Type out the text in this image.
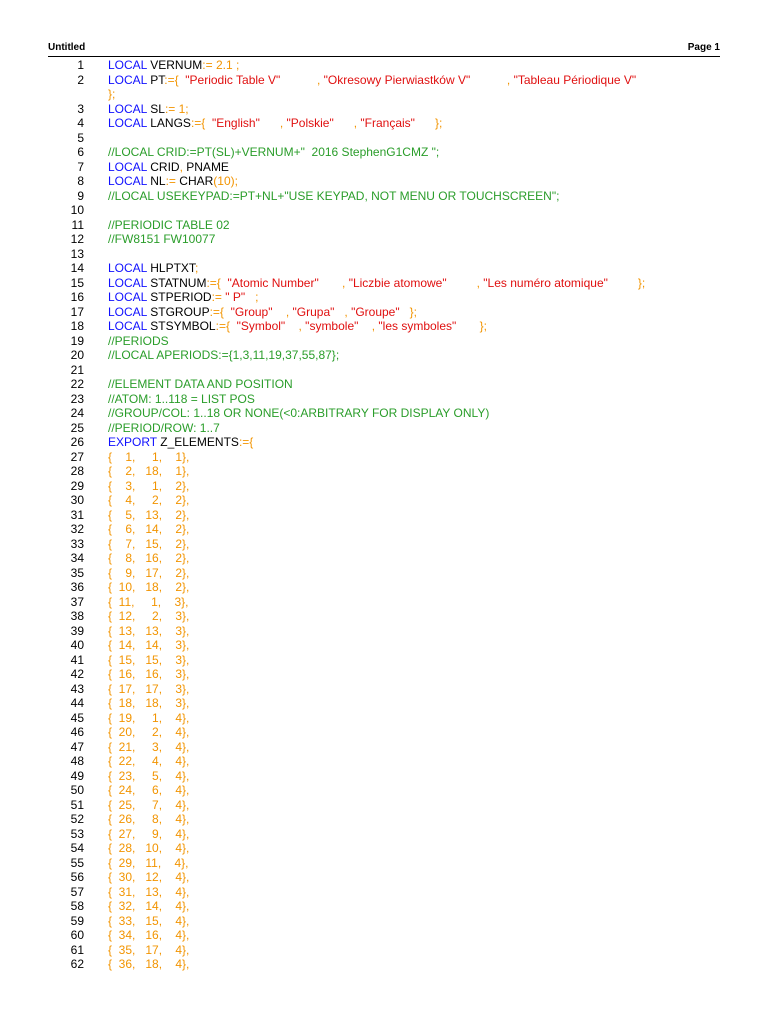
Untitled	Page 1
1 LOCAL VERNUM:= 2.1 ;
2 LOCAL PT:={  "Periodic Table V"           , "Okresowy Pierwiastków V"           , "Tableau Périodique V"
};
3 LOCAL SL:= 1;
4 LOCAL LANGS:={  "English"      , "Polskie"      , "Français"      };
5
6 //LOCAL CRID:=PT(SL)+VERNUM+"  2016 StephenG1CMZ ";
7 LOCAL CRID, PNAME
8 LOCAL NL:= CHAR(10);
9 //LOCAL USEKEYPAD:=PT+NL+"USE KEYPAD, NOT MENU OR TOUCHSCREEN";
10
11 //PERIODIC TABLE 02
12 //FW8151 FW10077
13
14 LOCAL HLPTXT;
15 LOCAL STATNUM:={  "Atomic Number"       , "Liczbie atomowe"         , "Les numéro atomique"         };
16 LOCAL STPERIOD:= " P"   ;
17 LOCAL STGROUP:={  "Group"    , "Grupa"   , "Groupe"   };
18 LOCAL STSYMBOL:={  "Symbol"    , "symbole"    , "les symboles"       };
19 //PERIODS
20 //LOCAL APERIODS:={1,3,11,19,37,55,87};
21
22 //ELEMENT DATA AND POSITION
23 //ATOM: 1..118 = LIST POS
24 //GROUP/COL: 1..18 OR NONE(<0:ARBITRARY FOR DISPLAY ONLY)
25 //PERIOD/ROW: 1..7
26 EXPORT Z_ELEMENTS:={
27 {    1,     1,    1},
28 {    2,   18,    1},
29 {    3,     1,    2},
30 {    4,     2,    2},
31 {    5,   13,    2},
32 {    6,   14,    2},
33 {    7,   15,    2},
34 {    8,   16,    2},
35 {    9,   17,    2},
36 {  10,   18,    2},
37 {  11,     1,    3},
38 {  12,     2,    3},
39 {  13,   13,    3},
40 {  14,   14,    3},
41 {  15,   15,    3},
42 {  16,   16,    3},
43 {  17,   17,    3},
44 {  18,   18,    3},
45 {  19,     1,    4},
46 {  20,     2,    4},
47 {  21,     3,    4},
48 {  22,     4,    4},
49 {  23,     5,    4},
50 {  24,     6,    4},
51 {  25,     7,    4},
52 {  26,     8,    4},
53 {  27,     9,    4},
54 {  28,   10,    4},
55 {  29,   11,    4},
56 {  30,   12,    4},
57 {  31,   13,    4},
58 {  32,   14,    4},
59 {  33,   15,    4},
60 {  34,   16,    4},
61 {  35,   17,    4},
62 {  36,   18,    4},
